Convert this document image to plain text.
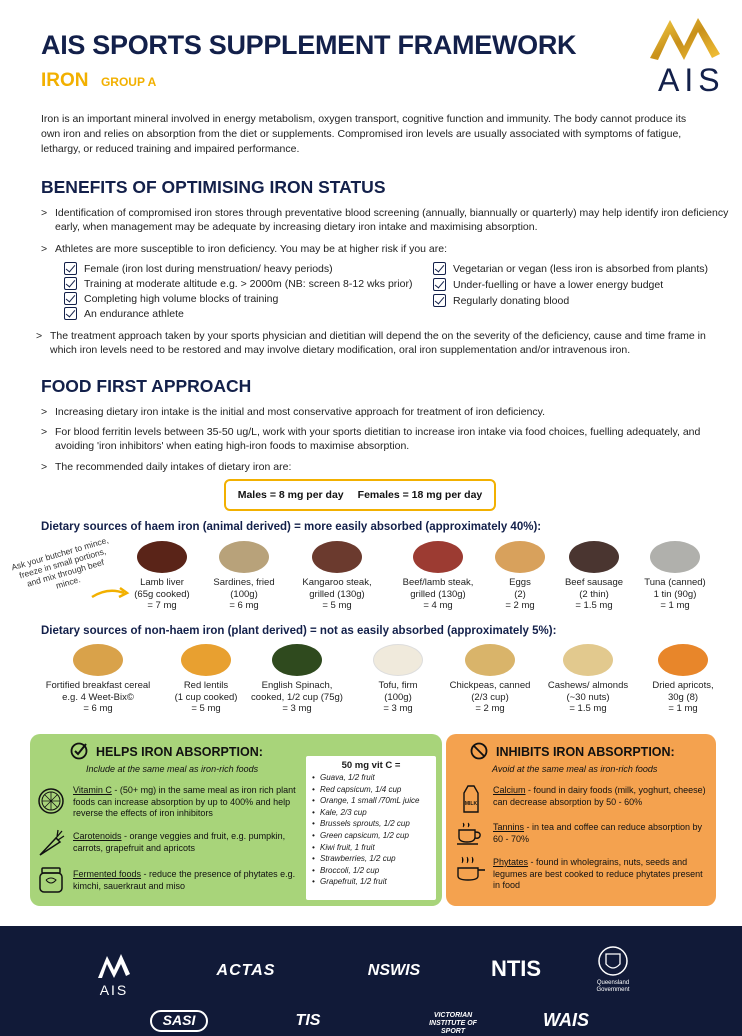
AIS SPORTS SUPPLEMENT FRAMEWORK
IRON GROUP A	AIS
Iron is an important mineral involved in energy metabolism, oxygen transport, cognitive function and immunity. The body cannot produce its own iron and relies on absorption from the diet or supplements. Compromised iron levels are usually associated with symptoms of fatigue, lethargy, or reduced training and impaired performance.
BENEFITS OF OPTIMISING IRON STATUS
> Identification of compromised iron stores through preventative blood screening (annually, biannually or quarterly) may help identify iron deficiency early, when management may be adequate by increasing dietary iron intake and maximising absorption.
> Athletes are more susceptible to iron deficiency. You may be at higher risk if you are:
Female (iron lost during menstruation/ heavy periods)
Training at moderate altitude e.g. > 2000m (NB: screen 8-12 wks prior)
Completing high volume blocks of training
An endurance athlete
Vegetarian or vegan (less iron is absorbed from plants)
Under-fuelling or have a lower energy budget
Regularly donating blood
> The treatment approach taken by your sports physician and dietitian will depend the on the severity of the deficiency, cause and time frame in which iron levels need to be restored and may involve dietary modification, oral iron supplementation and/or intravenous iron.
FOOD FIRST APPROACH
> Increasing dietary iron intake is the initial and most conservative approach for treatment of iron deficiency.
> For blood ferritin levels between 35-50 ug/L, work with your sports dietitian to increase iron intake via food choices, fuelling adequately, and avoiding 'iron inhibitors' when eating high-iron foods to maximise absorption.
> The recommended daily intakes of dietary iron are:
Males = 8 mg per day Females = 18 mg per day
Dietary sources of haem iron (animal derived) = more easily absorbed (approximately 40%):
Ask your butcher to mince, freeze in small portions, and mix through beef mince.	Lamb liver
(65g cooked)
= 7 mg
Sardines, fried
(100g)
= 6 mg
Kangaroo steak,
grilled (130g)
= 5 mg
Beef/lamb steak,
grilled (130g)
= 4 mg
Eggs
(2)
= 2 mg
Beef sausage
(2 thin)
= 1.5 mg
Tuna (canned)
1 tin (90g)
= 1 mg
Dietary sources of non-haem iron (plant derived) = not as easily absorbed (approximately 5%):
Fortified breakfast cereal
e.g. 4 Weet-Bix©
= 6 mg
Red lentils
(1 cup cooked)
= 5 mg
English Spinach,
cooked, 1/2 cup (75g)
= 3 mg
Tofu, firm
(100g)
= 3 mg
Chickpeas, canned
(2/3 cup)
= 2 mg
Cashews/ almonds
(~30 nuts)
= 1.5 mg
Dried apricots,
30g (8)
= 1 mg
HELPS IRON ABSORPTION:
Include at the same meal as iron-rich foods
Vitamin C - (50+ mg) in the same meal as iron rich plant foods can increase absorption by up to 400% and help reverse the effects of iron inhibitors
Carotenoids - orange veggies and fruit, e.g. pumpkin, carrots, grapefruit and apricots
Fermented foods - reduce the presence of phytates e.g. kimchi, sauerkraut and miso
50 mg vit C =
• Guava, 1/2 fruit
• Red capsicum, 1/4 cup
• Orange, 1 small /70mL juice
• Kale, 2/3 cup
• Brussels sprouts, 1/2 cup
• Green capsicum, 1/2 cup
• Kiwi fruit, 1 fruit
• Strawberries, 1/2 cup
• Broccoli, 1/2 cup
• Grapefruit, 1/2 fruit
INHIBITS IRON ABSORPTION:
Avoid at the same meal as iron-rich foods
MILK
Calcium - found in dairy foods (milk, yoghurt, cheese) can decrease absorption by 50 - 60%
Tannins - in tea and coffee can reduce absorption by 60 - 70%
Phytates - found in wholegrains, nuts, seeds and legumes are best cooked to reduce phytates present in food
AIS
ACTAS	NSWIS	NTIS
Queensland Government
SASI	TIS	VICTORIAN INSTITUTE OF SPORT
WAIS
